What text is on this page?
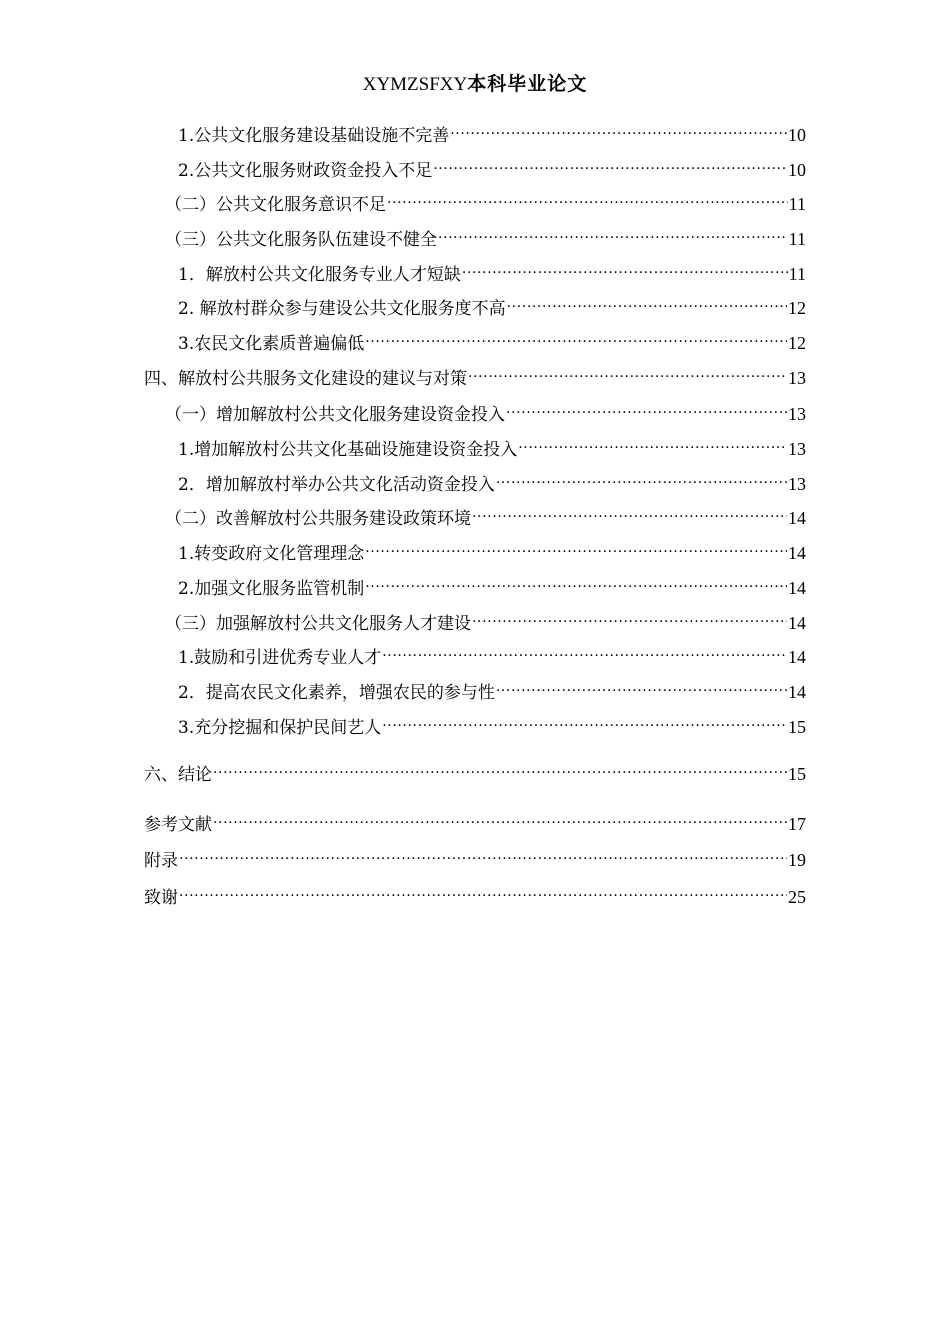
XYMZSFXY本科毕业论文
1.公共文化服务建设基础设施不完善 .....	10
2.公共文化服务财政资金投入不足 .....	10
（二）公共文化服务意识不足 .....	11
（三）公共文化服务队伍建设不健全 .....	11
1．解放村公共文化服务专业人才短缺 .....	11
2. 解放村群众参与建设公共文化服务度不高 .....	12
3.农民文化素质普遍偏低 .....	12
四、解放村公共服务文化建设的建议与对策 .....	13
（一）增加解放村公共文化服务建设资金投入 .....	13
1.增加解放村公共文化基础设施建设资金投入 .....	13
2．增加解放村举办公共文化活动资金投入 .....	13
（二）改善解放村公共服务建设政策环境 .....	14
1.转变政府文化管理理念 .....	14
2.加强文化服务监管机制 .....	14
（三）加强解放村公共文化服务人才建设 .....	14
1.鼓励和引进优秀专业人才 .....	14
2．提高农民文化素养，增强农民的参与性 .....	14
3.充分挖掘和保护民间艺人 .....	15
六、结论 .....	15
参考文献 .....	17
附录 .....	19
致谢 .....	25
